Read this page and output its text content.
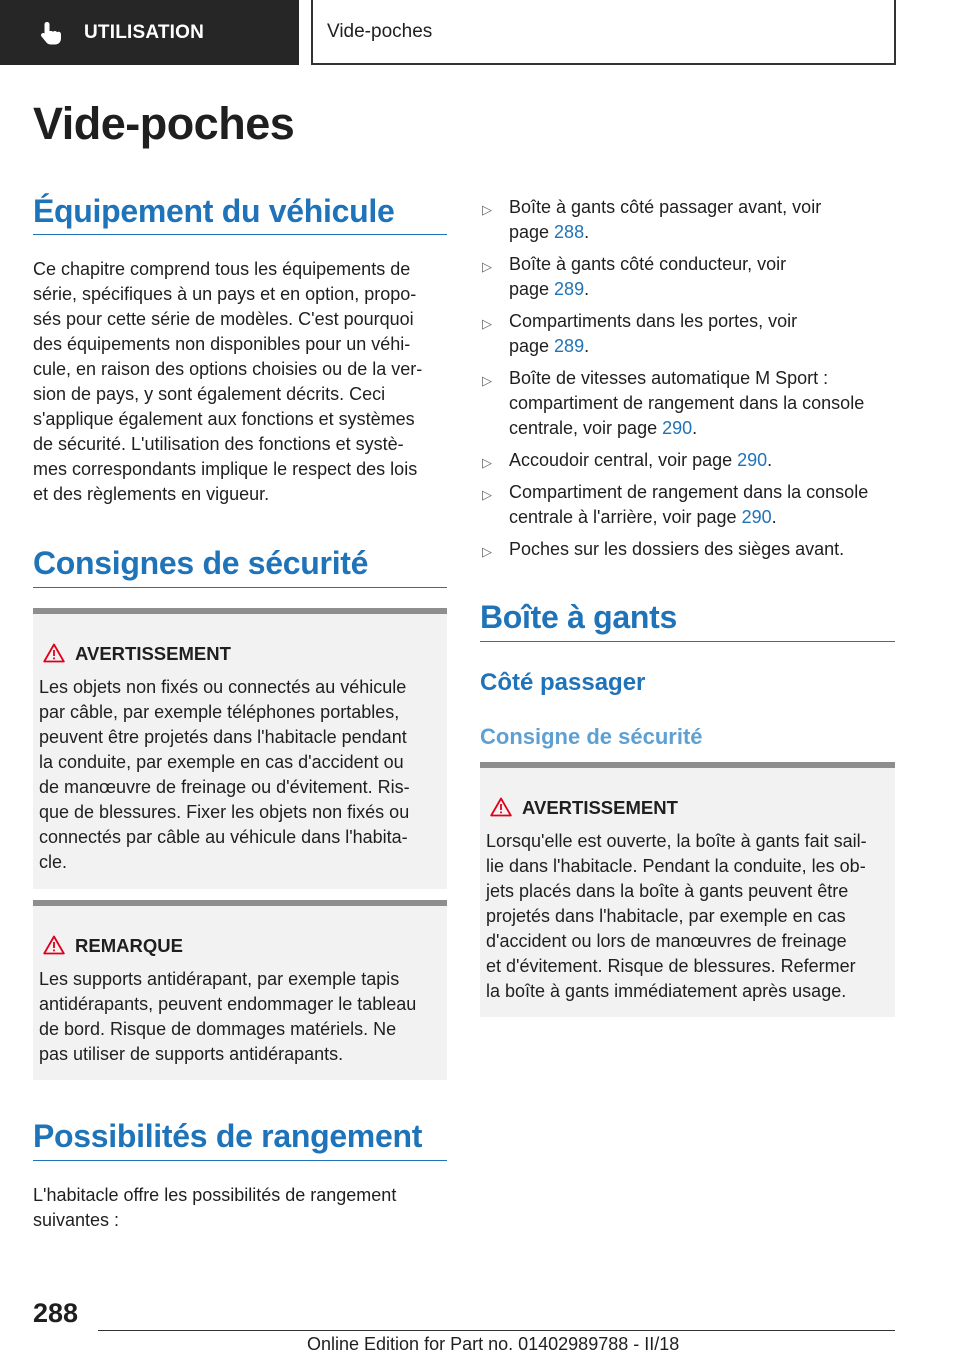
UTILISATION	Vide-poches
Vide-poches
Équipement du véhicule
Ce chapitre comprend tous les équipements de
série, spécifiques à un pays et en option, propo-
sés pour cette série de modèles. C'est pourquoi
des équipements non disponibles pour un véhi-
cule, en raison des options choisies ou de la ver-
sion de pays, y sont également décrits. Ceci
s'applique également aux fonctions et systèmes
de sécurité. L'utilisation des fonctions et systè-
mes correspondants implique le respect des lois
et des règlements en vigueur.
Consignes de sécurité
AVERTISSEMENT
Les objets non fixés ou connectés au véhicule
par câble, par exemple téléphones portables,
peuvent être projetés dans l'habitacle pendant
la conduite, par exemple en cas d'accident ou
de manœuvre de freinage ou d'évitement. Ris-
que de blessures. Fixer les objets non fixés ou
connectés par câble au véhicule dans l'habita-
cle.
REMARQUE
Les supports antidérapant, par exemple tapis
antidérapants, peuvent endommager le tableau
de bord. Risque de dommages matériels. Ne
pas utiliser de supports antidérapants.
Possibilités de rangement
L'habitacle offre les possibilités de rangement
suivantes :
▷ Boîte à gants côté passager avant, voir
page 288.
▷ Boîte à gants côté conducteur, voir
page 289.
▷ Compartiments dans les portes, voir
page 289.
▷ Boîte de vitesses automatique M Sport :
compartiment de rangement dans la console
centrale, voir page 290.
▷ Accoudoir central, voir page 290.
▷ Compartiment de rangement dans la console
centrale à l'arrière, voir page 290.
▷ Poches sur les dossiers des sièges avant.
Boîte à gants
Côté passager
Consigne de sécurité
AVERTISSEMENT
Lorsqu'elle est ouverte, la boîte à gants fait sail-
lie dans l'habitacle. Pendant la conduite, les ob-
jets placés dans la boîte à gants peuvent être
projetés dans l'habitacle, par exemple en cas
d'accident ou lors de manœuvres de freinage
et d'évitement. Risque de blessures. Refermer
la boîte à gants immédiatement après usage.
288
Online Edition for Part no. 01402989788 - II/18
